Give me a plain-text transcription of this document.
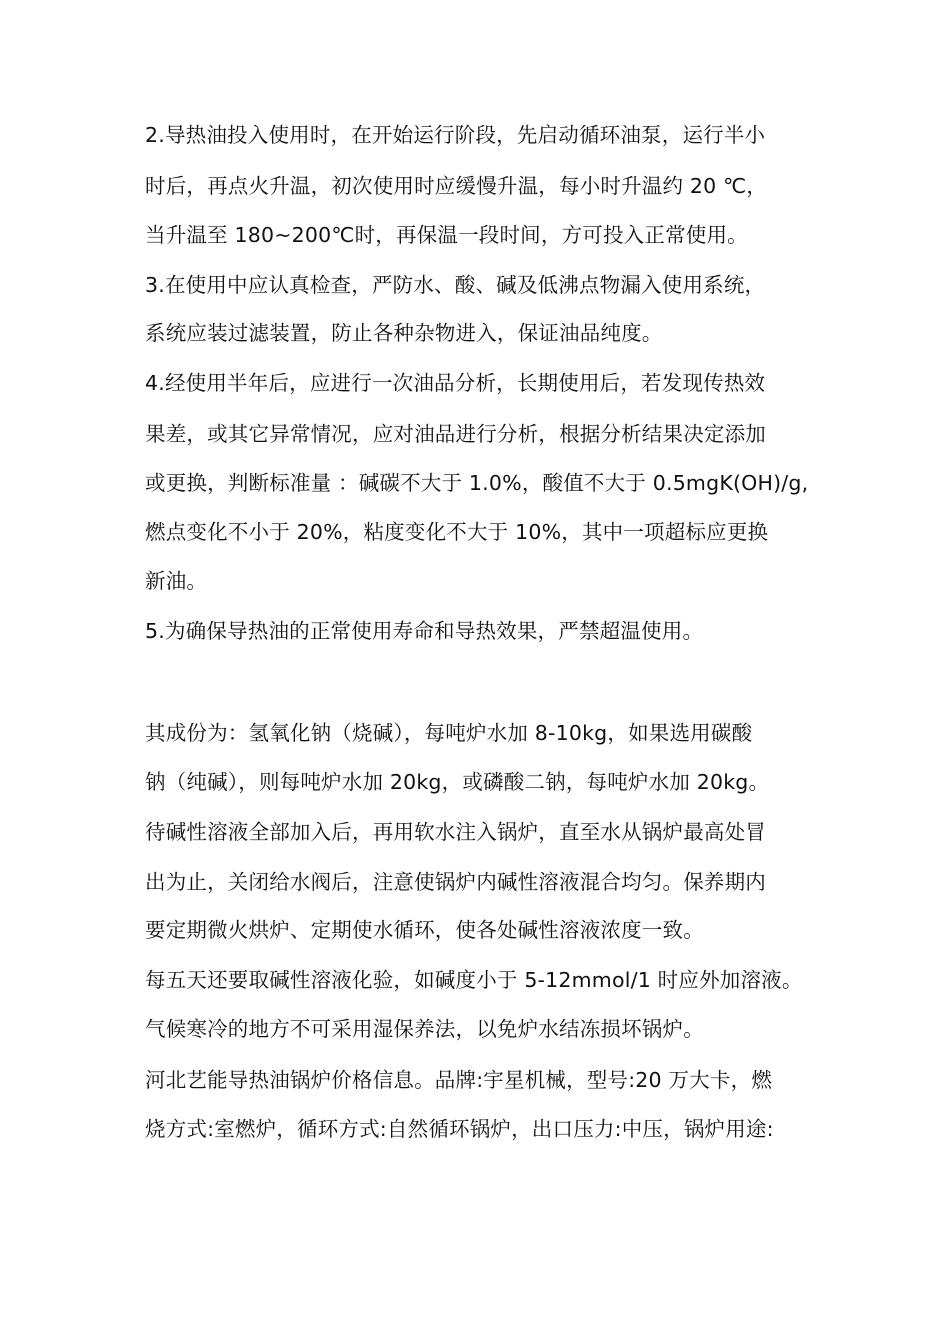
2.导热油投入使用时，在开始运行阶段，先启动循环油泵，运行半小
时后，再点火升温，初次使用时应缓慢升温，每小时升温约 20 ℃，
当升温至 180~200℃时，再保温一段时间，方可投入正常使用。
3.在使用中应认真检查，严防水、酸、碱及低沸点物漏入使用系统，
系统应装过滤装置，防止各种杂物进入，保证油品纯度。
4.经使用半年后，应进行一次油品分析，长期使用后，若发现传热效
果差，或其它异常情况，应对油品进行分析，根据分析结果决定添加
或更换，判断标准量 ：碱碳不大于 1.0%，酸值不大于 0.5mgK(OH)/g,
燃点变化不小于 20%，粘度变化不大于 10%，其中一项超标应更换
新油。
5.为确保导热油的正常使用寿命和导热效果，严禁超温使用。
其成份为：氢氧化钠（烧碱），每吨炉水加 8-10kg，如果选用碳酸
钠（纯碱），则每吨炉水加 20kg，或磷酸二钠，每吨炉水加 20kg。
待碱性溶液全部加入后，再用软水注入锅炉，直至水从锅炉最高处冒
出为止，关闭给水阀后，注意使锅炉内碱性溶液混合均匀。保养期内
要定期微火烘炉、定期使水循环，使各处碱性溶液浓度一致。
每五天还要取碱性溶液化验，如碱度小于 5-12mmol/1 时应外加溶液。
气候寒冷的地方不可采用湿保养法，以免炉水结冻损坏锅炉。
河北艺能导热油锅炉价格信息。品牌:宇星机械，型号:20 万大卡，燃
烧方式:室燃炉，循环方式:自然循环锅炉，出口压力:中压，锅炉用途:
